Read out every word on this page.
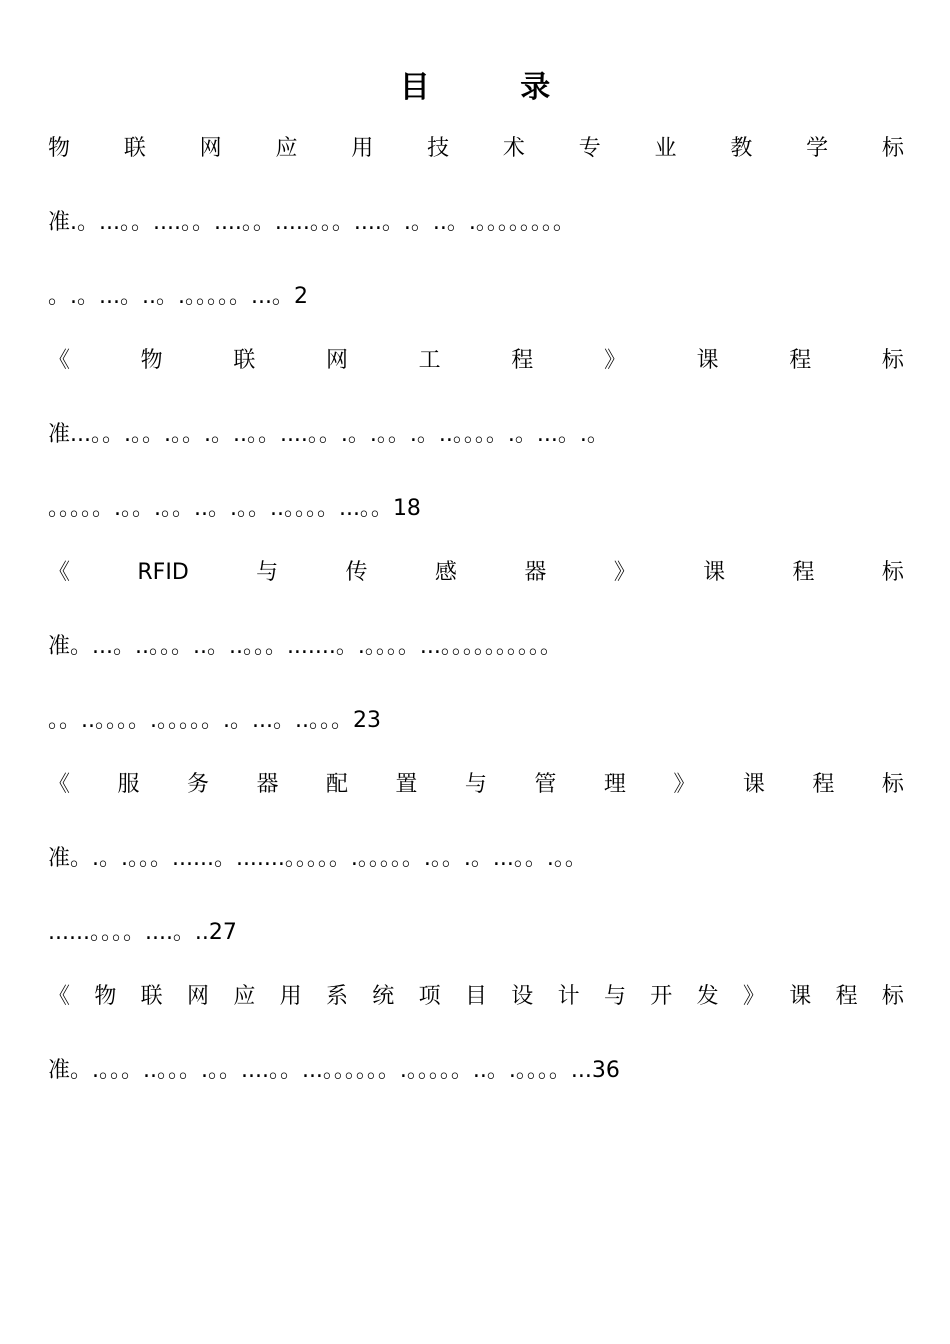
目 录
物 联 网 应 用 技 术 专 业 教 学 标
准.。...。。....。。....。。.....。。。....。.。..。.。。。。。。。。
。.。...。..。.。。。。。...。2
《	物	联	网	工	程	》	课	程	标
准...。。.。。.。。.。..。。....。。.。.。。.。..。。。。.。...。.。
。。。。。.。。.。。..。.。。..。。。。...。。18
《	RFID	与	传	感	器	》	课	程	标
准。...。..。。。..。..。。。.......。.。。。。...。。。。。。。。。。
。。..。。。。.。。。。。.。...。..。。。23
《 服 务 器 配 置 与 管 理 》 课 程 标
准。.。.。。。......。.......。。。。。.。。。。。.。。.。...。。.。。
......。。。。....。..27
《 物 联 网 应 用 系 统 项 目 设 计 与 开 发 》 课 程 标
准。.。。。..。。。.。。....。。...。。。。。。.。。。。。..。.。。。。...36
